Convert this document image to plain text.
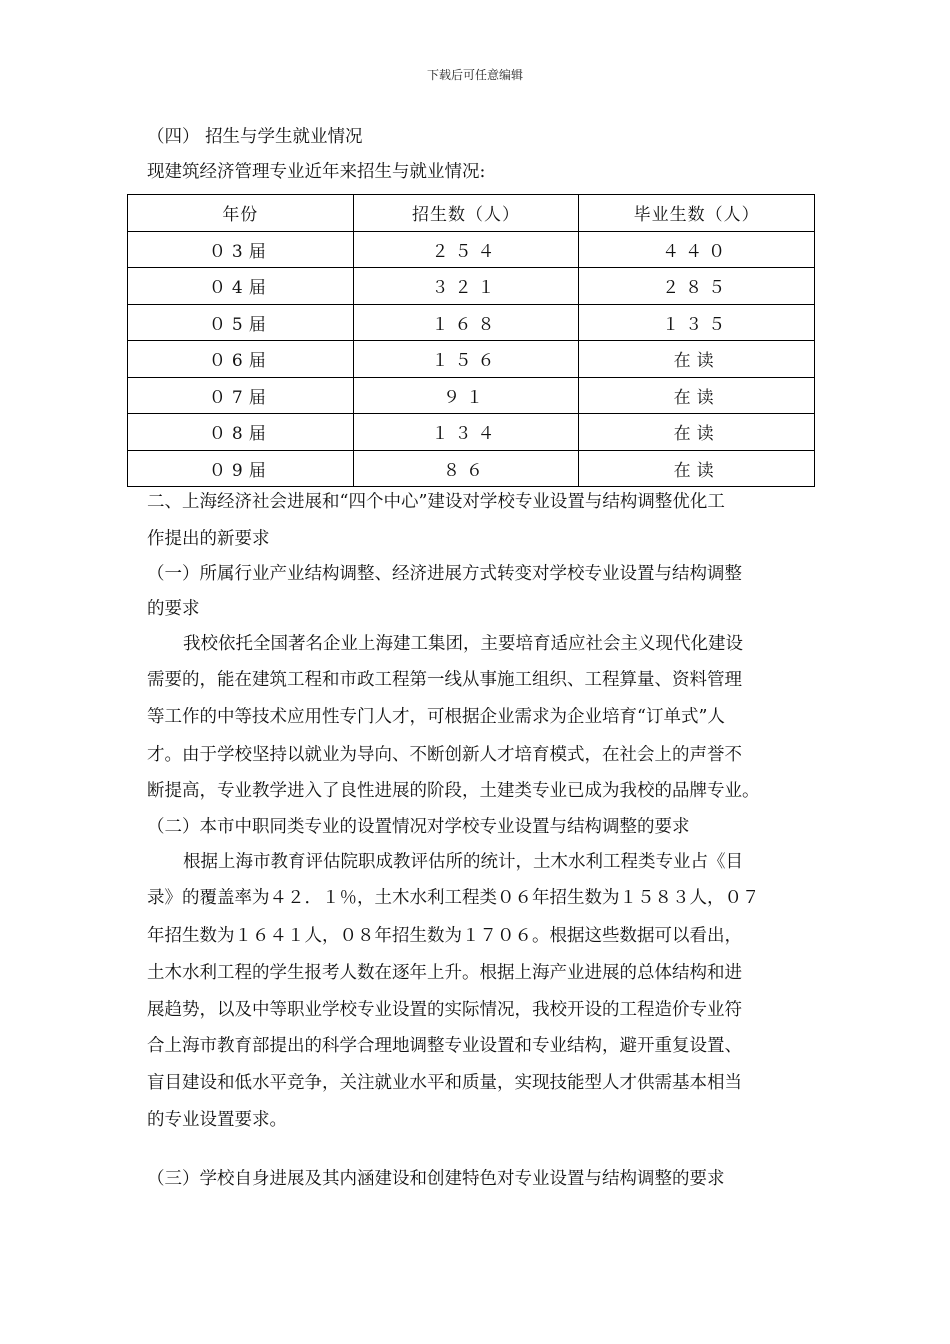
下载后可任意编辑
（四） 招生与学生就业情况
现建筑经济管理专业近年来招生与就业情况:
年份	招生数（人）	毕业生数（人）
０3届	２５４	４４０
０4届	３２１	２８５
０5届	１６８	１３５
０6届	１５６	在读
０7届	９１	在读
０8届	１３４	在读
０9届	８６	在读
二、上海经济社会进展和“四个中心”建设对学校专业设置与结构调整优化工
作提出的新要求
（一）所属行业产业结构调整、经济进展方式转变对学校专业设置与结构调整
的要求
我校依托全国著名企业上海建工集团，主要培育适应社会主义现代化建设
需要的，能在建筑工程和市政工程第一线从事施工组织、工程算量、资料管理
等工作的中等技术应用性专门人才，可根据企业需求为企业培育“订单式”人
才。由于学校坚持以就业为导向、不断创新人才培育模式，在社会上的声誉不
断提高，专业教学进入了良性进展的阶段，土建类专业已成为我校的品牌专业。
（二）本市中职同类专业的设置情况对学校专业设置与结构调整的要求
根据上海市教育评估院职成教评估所的统计，土木水利工程类专业占《目
录》的覆盖率为４２．１％，土木水利工程类０６年招生数为１５８３人，０７
年招生数为１６４１人，０８年招生数为１７０６。根据这些数据可以看出，
土木水利工程的学生报考人数在逐年上升。根据上海产业进展的总体结构和进
展趋势，以及中等职业学校专业设置的实际情况，我校开设的工程造价专业符
合上海市教育部提出的科学合理地调整专业设置和专业结构，避开重复设置、
盲目建设和低水平竞争，关注就业水平和质量，实现技能型人才供需基本相当
的专业设置要求。
（三）学校自身进展及其内涵建设和创建特色对专业设置与结构调整的要求
